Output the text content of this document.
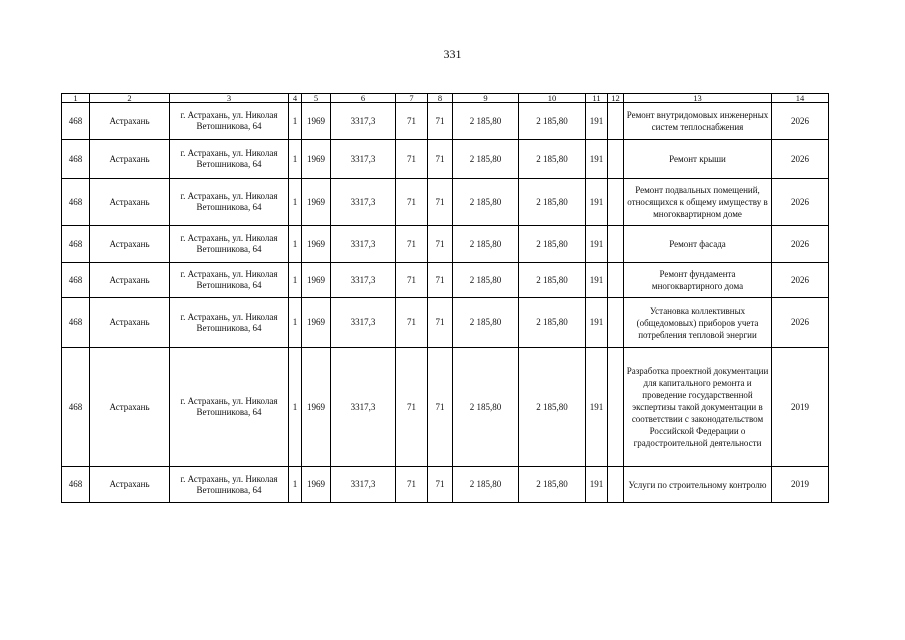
331
1	2	3	4	5	6	7	8	9	10	11	12	13	14
468	Астрахань	г. Астрахань, ул. Николая Ветошникова, 64	1	1969	3317,3	71	71	2 185,80	2 185,80	191		Ремонт внутридомовых инженерных систем теплоснабжения	2026
468	Астрахань	г. Астрахань, ул. Николая Ветошникова, 64	1	1969	3317,3	71	71	2 185,80	2 185,80	191		Ремонт крыши	2026
468	Астрахань	г. Астрахань, ул. Николая Ветошникова, 64	1	1969	3317,3	71	71	2 185,80	2 185,80	191		Ремонт подвальных помещений, относящихся к общему имуществу в многоквартирном доме	2026
468	Астрахань	г. Астрахань, ул. Николая Ветошникова, 64	1	1969	3317,3	71	71	2 185,80	2 185,80	191		Ремонт фасада	2026
468	Астрахань	г. Астрахань, ул. Николая Ветошникова, 64	1	1969	3317,3	71	71	2 185,80	2 185,80	191		Ремонт фундамента многоквартирного дома	2026
468	Астрахань	г. Астрахань, ул. Николая Ветошникова, 64	1	1969	3317,3	71	71	2 185,80	2 185,80	191		Установка коллективных (общедомовых) приборов учета потребления тепловой энергии	2026
468	Астрахань	г. Астрахань, ул. Николая Ветошникова, 64	1	1969	3317,3	71	71	2 185,80	2 185,80	191		Разработка проектной документации для капитального ремонта и проведение государственной экспертизы такой документации в соответствии с законодательством Российской Федерации о градостроительной деятельности	2019
468	Астрахань	г. Астрахань, ул. Николая Ветошникова, 64	1	1969	3317,3	71	71	2 185,80	2 185,80	191		Услуги по строительному контролю	2019
